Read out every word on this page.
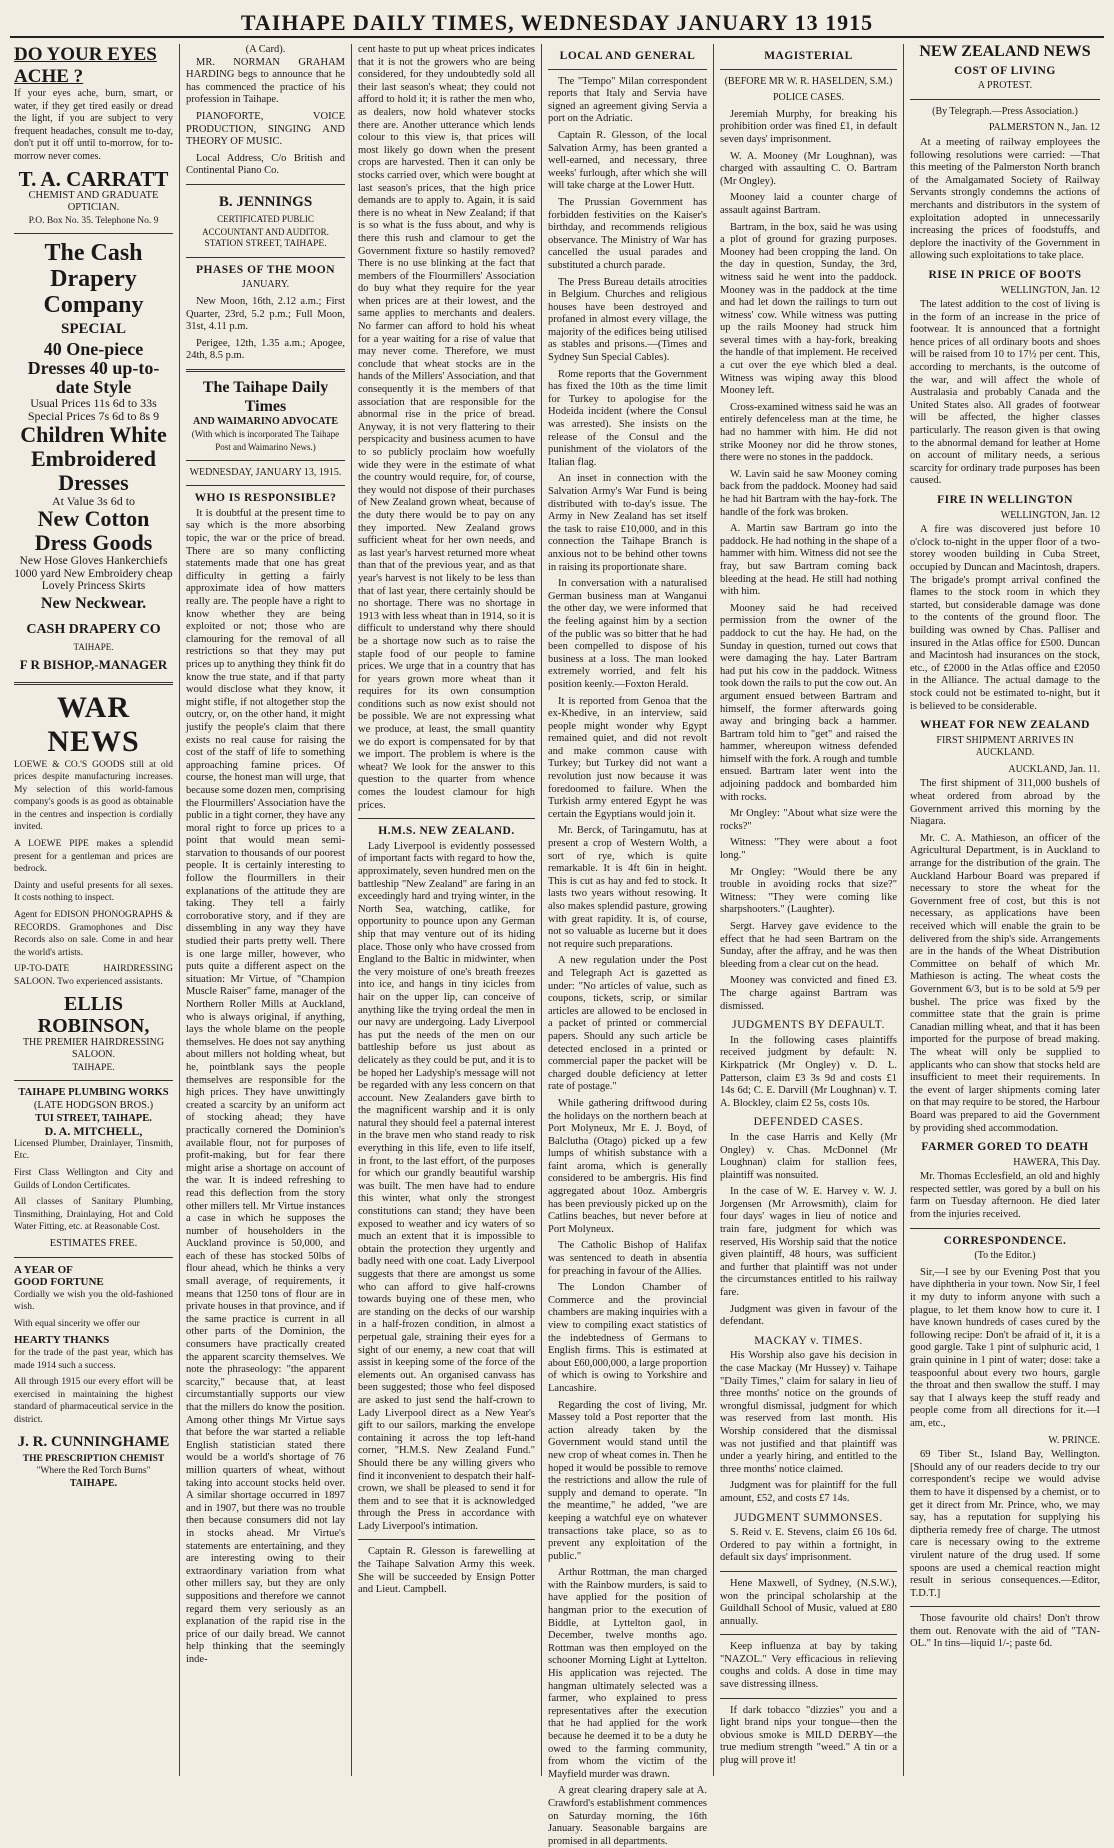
TAIHAPE DAILY TIMES, WEDNESDAY JANUARY 13 1915
DO YOUR EYES ACHE ?

If your eyes ache, burn, smart, or water, if they get tired easily or dread the light, if you are subject to very frequent headaches, consult me to-day, don't put it off until to-morrow, for to-morrow never comes.

T. A. CARRATT
CHEMIST AND GRADUATE OPTICIAN.
P.O. Box No. 35. Telephone No. 9
The Cash Drapery Company
SPECIAL
40 One-piece Dresses 40 up-to-date Style
Usual Prices 11s 6d to 33s
Special Prices 7s 6d to 8s 9
Children White Embroidered Dresses
At Value 3s 6d to
New Cotton Dress Goods
New Hose Gloves Hankerchiefs 1000 yard New Embroidery cheap Lovely Princess Skirts
New Neckwear.
CASH DRAPERY CO
TAIHAPE.
F R BISHOP,-MANAGER
WAR NEWS

LOEWE & CO.'S GOODS still at old prices despite manufacturing increases. My selection of this world-famous company's goods is as good as obtainable in the centres and inspection is cordially invited.

A LOEWE PIPE makes a splendid present for a gentleman and prices are bedrock.

Dainty and useful presents for all sexes. It costs nothing to inspect.

Agent for EDISON PHONOGRAPHS & RECORDS. Gramophones and Disc Records also on sale. Come in and hear the world's artists.

UP-TO-DATE HAIRDRESSING SALOON. Two experienced assistants.

ELLIS ROBINSON,
THE PREMIER HAIRDRESSING SALOON.
TAIHAPE.
TAIHAPE PLUMBING WORKS
(LATE HODGSON BROS.)
TUI STREET, TAIHAPE.
D. A. MITCHELL,

Licensed Plumber, Drainlayer, Tinsmith, Etc.

First Class Wellington and City and Guilds of London Certificates.

All classes of Sanitary Plumbing, Tinsmithing, Drainlaying, Hot and Cold Water Fitting, etc. at Reasonable Cost.

ESTIMATES FREE.
A YEAR OF
GOOD FORTUNE

Cordially we wish you the old-fashioned wish.

With equal sincerity we offer our

HEARTY THANKS

for the trade of the past year, which has made 1914 such a success.

All through 1915 our every effort will be exercised in maintaining the highest standard of pharmaceutical service in the district.

J. R. CUNNINGHAME
THE PRESCRIPTION CHEMIST
"Where the Red Torch Burns"
TAIHAPE.
(A Card).

MR. NORMAN GRAHAM HARDING begs to announce that he has commenced the practice of his profession in Taihape.

PIANOFORTE, VOICE PRODUCTION, SINGING AND THEORY OF MUSIC.

Local Address, C/o British and Continental Piano Co.

B. JENNINGS
CERTIFICATED PUBLIC ACCOUNTANT AND AUDITOR.
STATION STREET, TAIHAPE.
PHASES OF THE MOON
JANUARY.

New Moon, 16th, 2.12 a.m.; First Quarter, 23rd, 5.2 p.m.; Full Moon, 31st, 4.11 p.m.

Perigee, 12th, 1.35 a.m.; Apogee, 24th, 8.5 p.m.

The Taihape Daily Times
AND WAIMARINO ADVOCATE
(With which is incorporated The Taihape Post and Waimarino News.)
WEDNESDAY, JANUARY 13, 1915.
WHO IS RESPONSIBLE?

It is doubtful at the present time to say which is the more absorbing topic, the war or the price of bread. There are so many conflicting statements made that one has great difficulty in getting a fairly approximate idea of how matters really are. The people have a right to know whether they are being exploited or not; those who are clamouring for the removal of all restrictions so that they may put prices up to anything they think fit do know the true state, and if that party would disclose what they know, it might stifle, if not altogether stop the outcry, or, on the other hand, it might justify the people's claim that there exists no real cause for raising the cost of the staff of life to something approaching famine prices. Of course, the honest man will urge, that because some dozen men, comprising the Flourmillers' Association have the public in a tight corner, they have any moral right to force up prices to a point that would mean semi-starvation to thousands of our poorest people. It is certainly interesting to follow the flourmillers in their explanations of the attitude they are taking. They tell a fairly corroborative story, and if they are dissembling in any way they have studied their parts pretty well. There is one large miller, however, who puts quite a different aspect on the situation: Mr Virtue, of "Champion Muscle Raiser" fame, manager of the Northern Roller Mills at Auckland, who is always original, if anything, lays the whole blame on the people themselves. He does not say anything about millers not holding wheat, but he, pointblank says the people themselves are responsible for the high prices. They have unwittingly created a scarcity by an uniform act of stocking ahead; they have practically cornered the Dominion's available flour, not for purposes of profit-making, but for fear there might arise a shortage on account of the war. It is indeed refreshing to read this deflection from the story other millers tell. Mr Virtue instances a case in which he supposes the number of householders in the Auckland province is 50,000, and each of these has stocked 50lbs of flour ahead, which he thinks a very small average, of requirements, it means that 1250 tons of flour are in private houses in that province, and if the same practice is current in all other parts of the Dominion, the consumers have practically created the apparent scarcity themselves. We note the phraseology: "the apparent scarcity," because that, at least circumstantially supports our view that the millers do know the position. Among other things Mr Virtue says that before the war started a reliable English statistician stated there would be a world's shortage of 76 million quarters of wheat, without taking into account stocks held over. A similar shortage occurred in 1897 and in 1907, but there was no trouble then because consumers did not lay in stocks ahead. Mr Virtue's statements are entertaining, and they are interesting owing to their extraordinary variation from what other millers say, but they are only suppositions and therefore we cannot regard them very seriously as an explanation of the rapid rise in the price of our daily bread. We cannot help thinking that the seemingly inde-

cent haste to put up wheat prices indicates that it is not the growers who are being considered, for they undoubtedly sold all their last season's wheat; they could not afford to hold it; it is rather the men who, as dealers, now hold whatever stocks there are. Another utterance which lends colour to this view is, that prices will most likely go down when the present crops are harvested. Then it can only be stocks carried over, which were bought at last season's prices, that the high price demands are to apply to. Again, it is said there is no wheat in New Zealand; if that is so what is the fuss about, and why is there this rush and clamour to get the Government fixture so hastily removed? There is no use blinking at the fact that members of the Flourmillers' Association do buy what they require for the year when prices are at their lowest, and the same applies to merchants and dealers. No farmer can afford to hold his wheat for a year waiting for a rise of value that may never come. Therefore, we must conclude that wheat stocks are in the hands of the Millers' Association, and that consequently it is the members of that association that are responsible for the abnormal rise in the price of bread. Anyway, it is not very flattering to their perspicacity and business acumen to have to so publicly proclaim how woefully wide they were in the estimate of what the country would require, for, of course, they would not dispose of their purchases of New Zealand grown wheat, because of the duty there would be to pay on any they imported. New Zealand grows sufficient wheat for her own needs, and as last year's harvest returned more wheat than that of the previous year, and as that year's harvest is not likely to be less than that of last year, there certainly should be no shortage. There was no shortage in 1913 with less wheat than in 1914, so it is difficult to understand why there should be a shortage now such as to raise the staple food of our people to famine prices. We urge that in a country that has for years grown more wheat than it requires for its own consumption conditions such as now exist should not be possible. We are not expressing what we produce, at least, the small quantity we do export is compensated for by that we import. The problem is where is the wheat? We look for the answer to this question to the quarter from whence comes the loudest clamour for high prices.

H.M.S. NEW ZEALAND.

Lady Liverpool is evidently possessed of important facts with regard to how the, approximately, seven hundred men on the battleship "New Zealand" are faring in an exceedingly hard and trying winter, in the North Sea, watching, catlike, for opportunity to pounce upon any German ship that may venture out of its hiding place. Those only who have crossed from England to the Baltic in midwinter, when the very moisture of one's breath freezes into ice, and hangs in tiny icicles from hair on the upper lip, can conceive of anything like the trying ordeal the men in our navy are undergoing. Lady Liverpool has put the needs of the men on our battleship before us just about as delicately as they could be put, and it is to be hoped her Ladyship's message will not be regarded with any less concern on that account. New Zealanders gave birth to the magnificent warship and it is only natural they should feel a paternal interest in the brave men who stand ready to risk everything in this life, even to life itself, in front, to the last effort, of the purposes for which our grandly beautiful warship was built. The men have had to endure this winter, what only the strongest constitutions can stand; they have been exposed to weather and icy waters of so much an extent that it is impossible to obtain the protection they urgently and badly need with one coat. Lady Liverpool suggests that there are amongst us some who can afford to give half-crowns towards buying one of these men, who are standing on the decks of our warship in a half-frozen condition, in almost a perpetual gale, straining their eyes for a sight of our enemy, a new coat that will assist in keeping some of the force of the elements out. An organised canvass has been suggested; those who feel disposed are asked to just send the half-crown to Lady Liverpool direct as a New Year's gift to our sailors, marking the envelope containing it across the top left-hand corner, "H.M.S. New Zealand Fund." Should there be any willing givers who find it inconvenient to despatch their half-crown, we shall be pleased to send it for them and to see that it is acknowledged through the Press in accordance with Lady Liverpool's intimation.

Captain R. Glesson is farewelling at the Taihape Salvation Army this week. She will be succeeded by Ensign Potter and Lieut. Campbell.

LOCAL AND GENERAL

The "Tempo" Milan correspondent reports that Italy and Servia have signed an agreement giving Servia a port on the Adriatic.

Captain R. Glesson, of the local Salvation Army, has been granted a well-earned, and necessary, three weeks' furlough, after which she will will take charge at the Lower Hutt.

The Prussian Government has forbidden festivities on the Kaiser's birthday, and recommends religious observance. The Ministry of War has cancelled the usual parades and substituted a church parade.

The Press Bureau details atrocities in Belgium. Churches and religious houses have been destroyed and profaned in almost every village, the majority of the edifices being utilised as stables and prisons.—(Times and Sydney Sun Special Cables).

Rome reports that the Government has fixed the 10th as the time limit for Turkey to apologise for the Hodeida incident (where the Consul was arrested). She insists on the release of the Consul and the punishment of the violators of the Italian flag.

An inset in connection with the Salvation Army's War Fund is being distributed with to-day's issue. The Army in New Zealand has set itself the task to raise £10,000, and in this connection the Taihape Branch is anxious not to be behind other towns in raising its proportionate share.

In conversation with a naturalised German business man at Wanganui the other day, we were informed that the feeling against him by a section of the public was so bitter that he had been compelled to dispose of his business at a loss. The man looked extremely worried, and felt his position keenly.—Foxton Herald.

It is reported from Genoa that the ex-Khedive, in an interview, said people might wonder why Egypt remained quiet, and did not revolt and make common cause with Turkey; but Turkey did not want a revolution just now because it was foredoomed to failure. When the Turkish army entered Egypt he was certain the Egyptians would join it.

Mr. Berck, of Taringamutu, has at present a crop of Western Wolth, a sort of rye, which is quite remarkable. It is 4ft 6in in height. This is cut as hay and fed to stock. It lasts two years without resowing. It also makes splendid pasture, growing with great rapidity. It is, of course, not so valuable as lucerne but it does not require such preparations.

A new regulation under the Post and Telegraph Act is gazetted as under: "No articles of value, such as coupons, tickets, scrip, or similar articles are allowed to be enclosed in a packet of printed or commercial papers. Should any such article be detected enclosed in a printed or commercial paper the packet will be charged double deficiency at letter rate of postage."

While gathering driftwood during the holidays on the northern beach at Port Molyneux, Mr E. J. Boyd, of Balclutha (Otago) picked up a few lumps of whitish substance with a faint aroma, which is generally considered to be ambergris. His find aggregated about 10oz. Ambergris has been previously picked up on the Catlins beaches, but never before at Port Molyneux.

The Catholic Bishop of Halifax was sentenced to death in absentia for preaching in favour of the Allies.

The London Chamber of Commerce and the provincial chambers are making inquiries with a view to compiling exact statistics of the indebtedness of Germans to English firms. This is estimated at about £60,000,000, a large proportion of which is owing to Yorkshire and Lancashire.

Regarding the cost of living, Mr. Massey told a Post reporter that the action already taken by the Government would stand until the new crop of wheat comes in. Then he hoped it would be possible to remove the restrictions and allow the rule of supply and demand to operate. "In the meantime," he added, "we are keeping a watchful eye on whatever transactions take place, so as to prevent any exploitation of the public."

Arthur Rottman, the man charged with the Rainbow murders, is said to have applied for the position of hangman prior to the execution of Biddle, at Lyttelton gaol, in December, twelve months ago. Rottman was then employed on the schooner Morning Light at Lyttelton. His application was rejected. The hangman ultimately selected was a farmer, who explained to press representatives after the execution that he had applied for the work because he deemed it to be a duty he owed to the farming community, from whom the victim of the Mayfield murder was drawn.

A great clearing drapery sale at A. Crawford's establishment commences on Saturday morning, the 16th January. Seasonable bargains are promised in all departments.

MAGISTERIAL
(BEFORE MR W. R. HASELDEN, S.M.)
POLICE CASES.

Jeremiah Murphy, for breaking his prohibition order was fined £1, in default seven days' imprisonment.

W. A. Mooney (Mr Loughnan), was charged with assaulting C. O. Bartram (Mr Ongley).

Mooney laid a counter charge of assault against Bartram.

Bartram, in the box, said he was using a plot of ground for grazing purposes. Mooney had been cropping the land. On the day in question, Sunday, the 3rd, witness said he went into the paddock. Mooney was in the paddock at the time and had let down the railings to turn out witness' cow. While witness was putting up the rails Mooney had struck him several times with a hay-fork, breaking the handle of that implement. He received a cut over the eye which bled a deal. Witness was wiping away this blood Mooney left.

Cross-examined witness said he was an entirely defenceless man at the time, he had no hammer with him. He did not strike Mooney nor did he throw stones, there were no stones in the paddock.

W. Lavin said he saw Mooney coming back from the paddock. Mooney had said he had hit Bartram with the hay-fork. The handle of the fork was broken.

A. Martin saw Bartram go into the paddock. He had nothing in the shape of a hammer with him. Witness did not see the fray, but saw Bartram coming back bleeding at the head. He still had nothing with him.

Mooney said he had received permission from the owner of the paddock to cut the hay. He had, on the Sunday in question, turned out cows that were damaging the hay. Later Bartram had put his cow in the paddock. Witness took down the rails to put the cow out. An argument ensued between Bartram and himself, the former afterwards going away and bringing back a hammer. Bartram told him to "get" and raised the hammer, whereupon witness defended himself with the fork. A rough and tumble ensued. Bartram later went into the adjoining paddock and bombarded him with rocks.

Mr Ongley: "About what size were the rocks?"

Witness: "They were about a foot long."

Mr Ongley: "Would there be any trouble in avoiding rocks that size?" Witness: "They were coming like sharpshooters." (Laughter).

Sergt. Harvey gave evidence to the effect that he had seen Bartram on the Sunday, after the affray, and he was then bleeding from a clear cut on the head.

Mooney was convicted and fined £3. The charge against Bartram was dismissed.

JUDGMENTS BY DEFAULT.

In the following cases plaintiffs received judgment by default: N. Kirkpatrick (Mr Ongley) v. D. L. Patterson, claim £3 3s 9d and costs £1 14s 6d; C. E. Darvill (Mr Loughnan) v. T. A. Blockley, claim £2 5s, costs 10s.

DEFENDED CASES.

In the case Harris and Kelly (Mr Ongley) v. Chas. McDonnel (Mr Loughnan) claim for stallion fees, plaintiff was nonsuited.

In the case of W. E. Harvey v. W. J. Jorgensen (Mr Arrowsmith), claim for four days' wages in lieu of notice and train fare, judgment for which was reserved, His Worship said that the notice given plaintiff, 48 hours, was sufficient and further that plaintiff was not under the circumstances entitled to his railway fare.

Judgment was given in favour of the defendant.

MACKAY v. TIMES.

His Worship also gave his decision in the case Mackay (Mr Hussey) v. Taihape "Daily Times," claim for salary in lieu of three months' notice on the grounds of wrongful dismissal, judgment for which was reserved from last month. His Worship considered that the dismissal was not justified and that plaintiff was under a yearly hiring, and entitled to the three months' notice claimed.

Judgment was for plaintiff for the full amount, £52, and costs £7 14s.

JUDGMENT SUMMONSES.

S. Reid v. E. Stevens, claim £6 10s 6d. Ordered to pay within a fortnight, in default six days' imprisonment.

Hene Maxwell, of Sydney, (N.S.W.), won the principal scholarship at the Guildhall School of Music, valued at £80 annually.

Keep influenza at bay by taking "NAZOL." Very efficacious in relieving coughs and colds. A dose in time may save distressing illness.

If dark tobacco "dizzies" you and a light brand nips your tongue—then the obvious smoke is MILD DERBY—the true medium strength "weed." A tin or a plug will prove it!

NEW ZEALAND NEWS
COST OF LIVING
A PROTEST.
(By Telegraph.—Press Association.)
PALMERSTON N., Jan. 12

At a meeting of railway employees the following resolutions were carried: —That this meeting of the Palmerston North branch of the Amalgamated Society of Railway Servants strongly condemns the actions of merchants and distributors in the system of exploitation adopted in unnecessarily increasing the prices of foodstuffs, and deplore the inactivity of the Government in allowing such exploitations to take place.

RISE IN PRICE OF BOOTS
WELLINGTON, Jan. 12

The latest addition to the cost of living is in the form of an increase in the price of footwear. It is announced that a fortnight hence prices of all ordinary boots and shoes will be raised from 10 to 17½ per cent. This, according to merchants, is the outcome of the war, and will affect the whole of Australasia and probably Canada and the United States also. All grades of footwear will be affected, the higher classes particularly. The reason given is that owing to the abnormal demand for leather at Home on account of military needs, a serious scarcity for ordinary trade purposes has been caused.

FIRE IN WELLINGTON
WELLINGTON, Jan. 12

A fire was discovered just before 10 o'clock to-night in the upper floor of a two-storey wooden building in Cuba Street, occupied by Duncan and Macintosh, drapers. The brigade's prompt arrival confined the flames to the stock room in which they started, but considerable damage was done to the contents of the ground floor. The building was owned by Chas. Palliser and insured in the Atlas office for £500. Duncan and Macintosh had insurances on the stock, etc., of £2000 in the Atlas office and £2050 in the Alliance. The actual damage to the stock could not be estimated to-night, but it is believed to be considerable.

WHEAT FOR NEW ZEALAND
FIRST SHIPMENT ARRIVES IN AUCKLAND.
AUCKLAND, Jan. 11.

The first shipment of 311,000 bushels of wheat ordered from abroad by the Government arrived this morning by the Niagara.

Mr. C. A. Mathieson, an officer of the Agricultural Department, is in Auckland to arrange for the distribution of the grain. The Auckland Harbour Board was prepared if necessary to store the wheat for the Government free of cost, but this is not necessary, as applications have been received which will enable the grain to be delivered from the ship's side. Arrangements are in the hands of the Wheat Distribution Committee on behalf of which Mr. Mathieson is acting. The wheat costs the Government 6/3, but is to be sold at 5/9 per bushel. The price was fixed by the committee state that the grain is prime Canadian milling wheat, and that it has been imported for the purpose of bread making. The wheat will only be supplied to applicants who can show that stocks held are insufficient to meet their requirements. In the event of larger shipments coming later on that may require to be stored, the Harbour Board was prepared to aid the Government by providing shed accommodation.

FARMER GORED TO DEATH
HAWERA, This Day.

Mr. Thomas Ecclesfield, an old and highly respected settler, was gored by a bull on his farm on Tuesday afternoon. He died later from the injuries received.

CORRESPONDENCE.
(To the Editor.)

Sir,—I see by our Evening Post that you have diphtheria in your town. Now Sir, I feel it my duty to inform anyone with such a plague, to let them know how to cure it. I have known hundreds of cases cured by the following recipe: Don't be afraid of it, it is a good gargle. Take 1 pint of sulphuric acid, 1 grain quinine in 1 pint of water; dose: take a teaspoonful about every two hours, gargle the throat and then swallow the stuff. I may say that I always keep the stuff ready and people come from all directions for it.—I am, etc.,

W. PRINCE.

69 Tiber St., Island Bay, Wellington. [Should any of our readers decide to try our correspondent's recipe we would advise them to have it dispensed by a chemist, or to get it direct from Mr. Prince, who, we may say, has a reputation for supplying his diptheria remedy free of charge. The utmost care is necessary owing to the extreme virulent nature of the drug used. If some spoons are used a chemical reaction might result in serious consequences.—Editor, T.D.T.]

Those favourite old chairs! Don't throw them out. Renovate with the aid of "TAN-OL." In tins—liquid 1/-; paste 6d.
